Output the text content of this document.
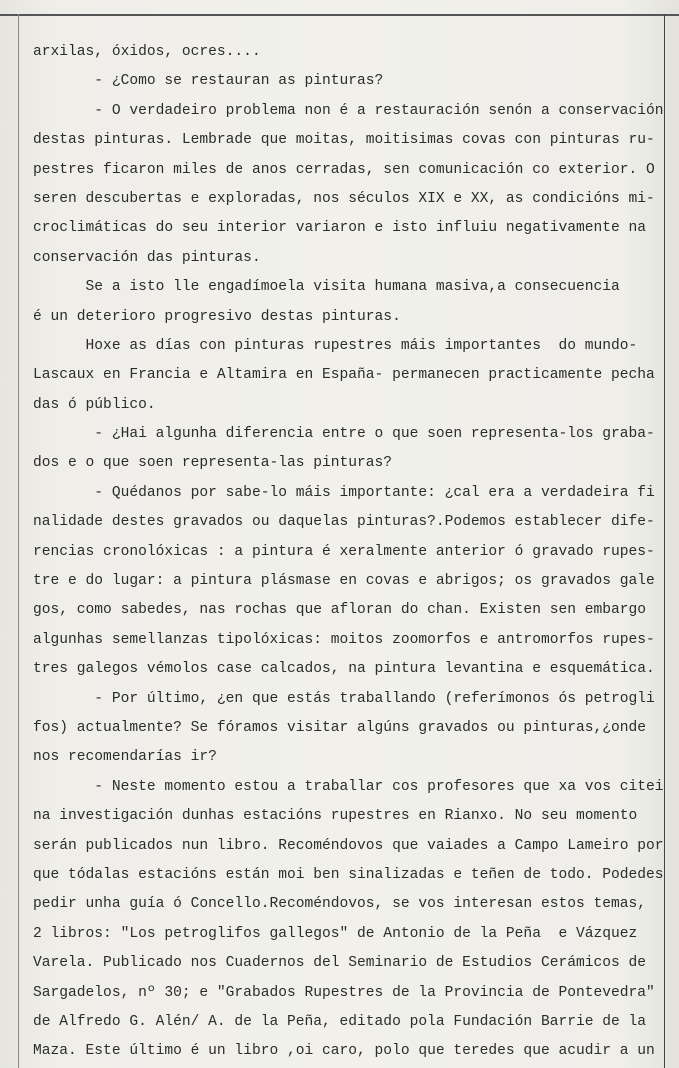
arxilas, óxidos, ocres....
- ¿Como se restauran as pinturas?
- O verdadeiro problema non é a restauración senón a conservación
destas pinturas. Lembrade que moitas, moitisimas covas con pinturas ru-
pestres ficaron miles de anos cerradas, sen comunicación co exterior. O
seren descubertas e exploradas, nos séculos XIX e XX, as condicións mi-
croclimáticas do seu interior variaron e isto influiu negativamente na
conservación das pinturas.
Se a isto lle engadímoela visita humana masiva,a consecuencia
é un deterioro progresivo destas pinturas.
Hoxe as días con pinturas rupestres máis importantes  do mundo-
Lascaux en Francia e Altamira en España- permanecen practicamente pecha
das ó público.
- ¿Hai algunha diferencia entre o que soen representa-los graba-
dos e o que soen representa-las pinturas?
- Quédanos por sabe-lo máis importante: ¿cal era a verdadeira fi
nalidade destes gravados ou daquelas pinturas?.Podemos establecer dife-
rencias cronolóxicas : a pintura é xeralmente anterior ó gravado rupes-
tre e do lugar: a pintura plásmase en covas e abrigos; os gravados gale
gos, como sabedes, nas rochas que afloran do chan. Existen sen embargo
algunhas semellanzas tipolóxicas: moitos zoomorfos e antromorfos rupes-
tres galegos vémolos case calcados, na pintura levantina e esquemática.
- Por último, ¿en que estás traballando (referímonos ós petrogli
fos) actualmente? Se fóramos visitar algúns gravados ou pinturas,¿onde
nos recomendarías ir?
- Neste momento estou a traballar cos profesores que xa vos citei
na investigación dunhas estacións rupestres en Rianxo. No seu momento
serán publicados nun libro. Recoméndovos que vaiades a Campo Lameiro por
que tódalas estacións están moi ben sinalizadas e teñen de todo. Podedes
pedir unha guía ó Concello.Recoméndovos, se vos interesan estos temas,
2 libros: "Los petroglifos gallegos" de Antonio de la Peña  e Vázquez
Varela. Publicado nos Cuadernos del Seminario de Estudios Cerámicos de
Sargadelos, nº 30; e "Grabados Rupestres de la Provincia de Pontevedra"
de Alfredo G. Alén/ A. de la Peña, editado pola Fundación Barrie de la
Maza. Este último é un libro ,oi caro, polo que teredes que acudir a un
